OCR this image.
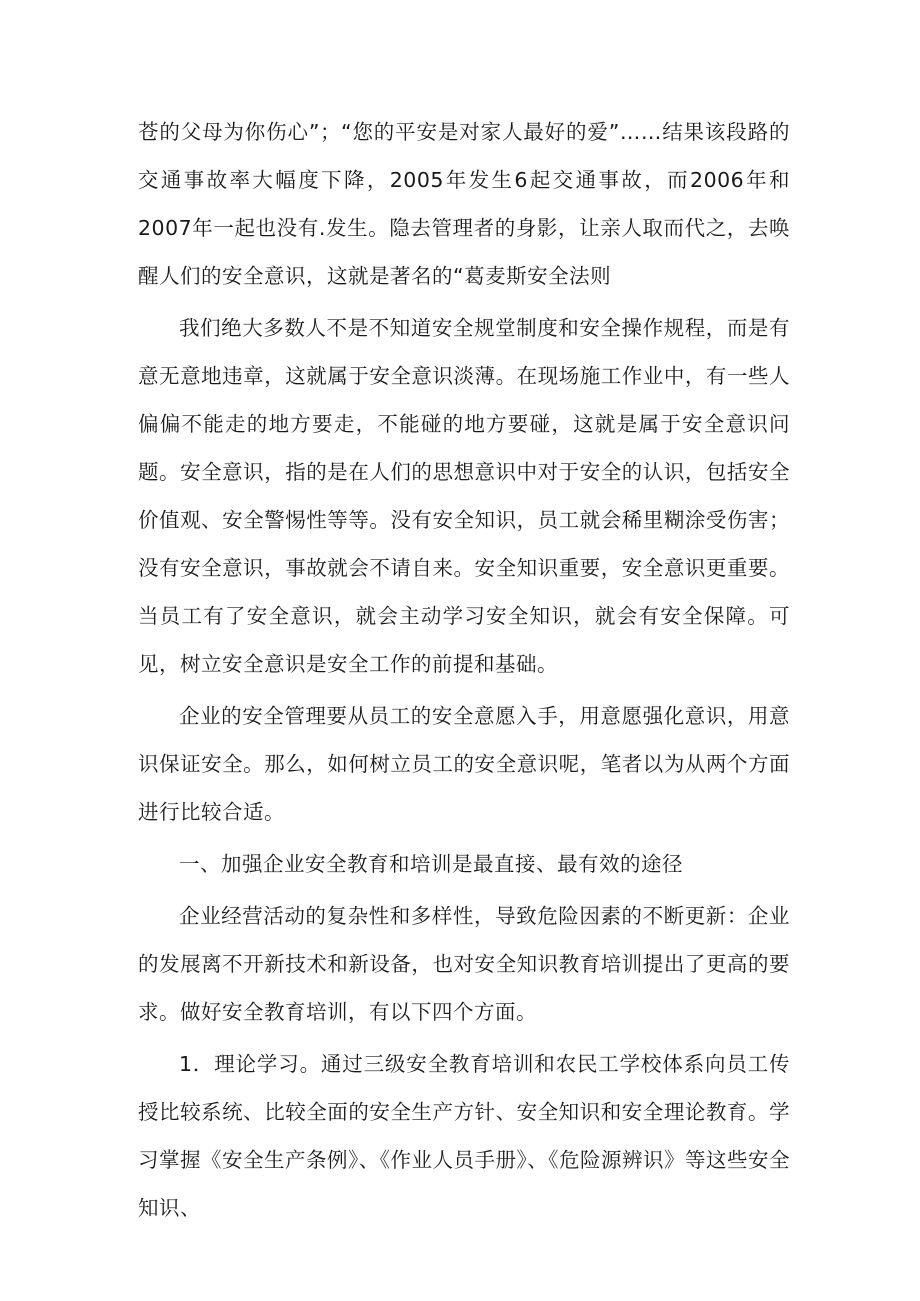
苍的父母为你伤心”；“您的平安是对家人最好的爱”……结果该段路的交通事故率大幅度下降，2005年发生6起交通事故，而2006年和2007年一起也没有.发生。隐去管理者的身影，让亲人取而代之，去唤醒人们的安全意识，这就是著名的“葛麦斯安全法则

我们绝大多数人不是不知道安全规堂制度和安全操作规程，而是有意无意地违章，这就属于安全意识淡薄。在现场施工作业中，有一些人偏偏不能走的地方要走，不能碰的地方要碰，这就是属于安全意识问题。安全意识，指的是在人们的思想意识中对于安全的认识，包括安全价值观、安全警惕性等等。没有安全知识，员工就会稀里糊涂受伤害；没有安全意识，事故就会不请自来。安全知识重要，安全意识更重要。当员工有了安全意识，就会主动学习安全知识，就会有安全保障。可见，树立安全意识是安全工作的前提和基础。

企业的安全管理要从员工的安全意愿入手，用意愿强化意识，用意识保证安全。那么，如何树立员工的安全意识呢，笔者以为从两个方面进行比较合适。

一、加强企业安全教育和培训是最直接、最有效的途径

企业经营活动的复杂性和多样性，导致危险因素的不断更新：企业的发展离不开新技术和新设备，也对安全知识教育培训提出了更高的要求。做好安全教育培训，有以下四个方面。

1．理论学习。通过三级安全教育培训和农民工学校体系向员工传授比较系统、比较全面的安全生产方针、安全知识和安全理论教育。学习掌握《安全生产条例》、《作业人员手册》、《危险源辨识》等这些安全知识、
